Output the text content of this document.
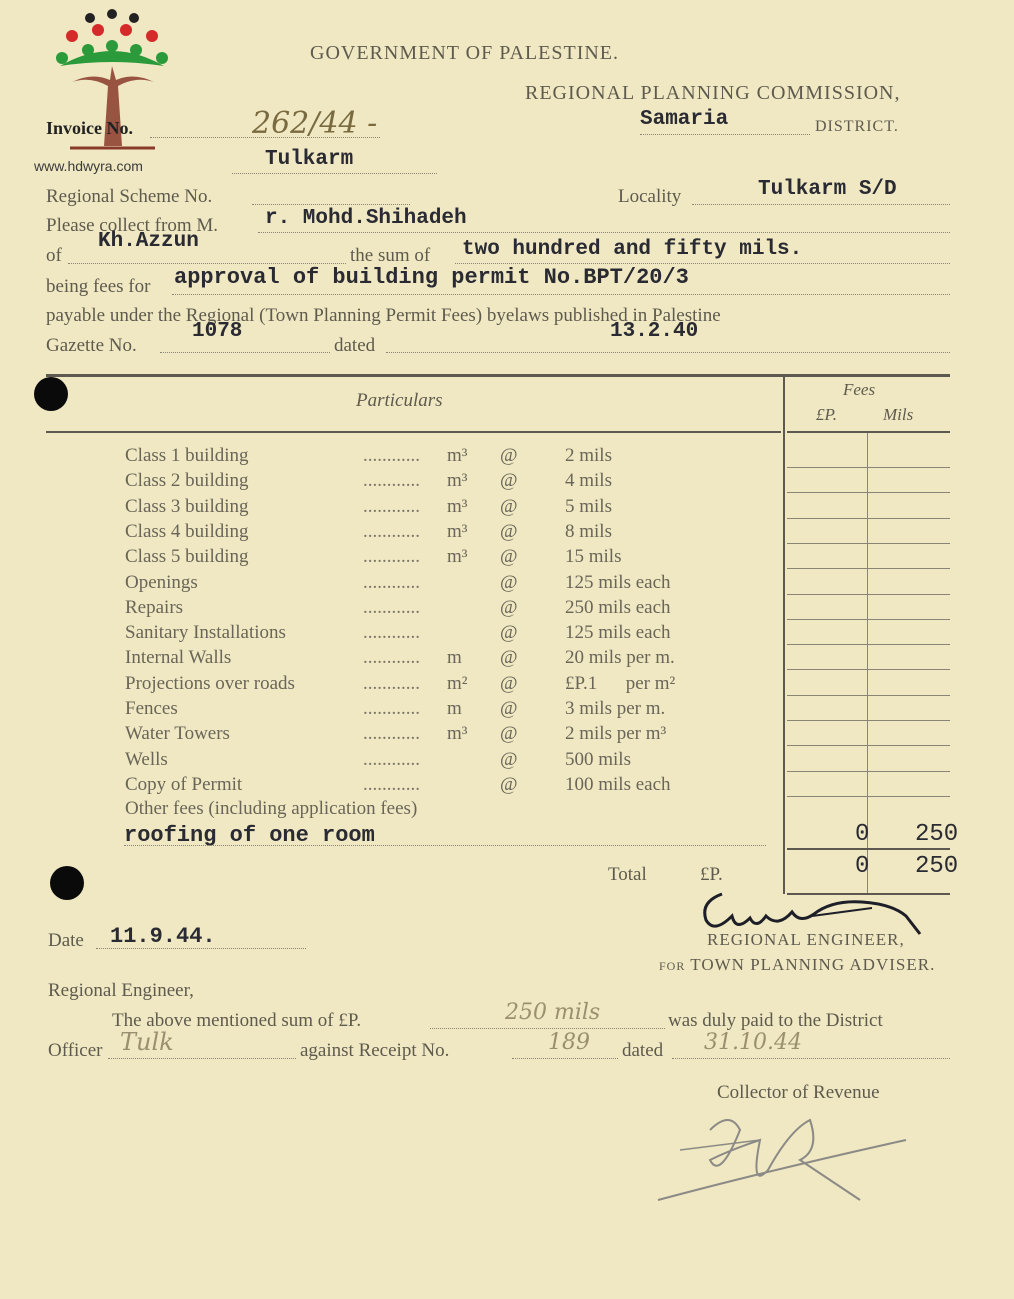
www.hdwyra.com
GOVERNMENT OF PALESTINE.
REGIONAL PLANNING COMMISSION,
Samaria	DISTRICT.
Invoice No.	262/44 -
Tulkarm
Regional Scheme No.	Locality	Tulkarm S/D
Please collect from M. r. Mohd.Shihadeh
of
Kh.Azzun
the sum of two hundred and fifty mils.
being fees for approval of building permit No.BPT/20/3
payable under the Regional (Town Planning Permit Fees) byelaws published in Palestine
Gazette No.
1078
dated
13.2.40
Particulars
Fees
£P.	Mils
Class 1 building	............ m³ @	2 mils
Class 2 building	............ m³ @	4 mils
Class 3 building	............ m³ @	5 mils
Class 4 building	............ m³ @	8 mils
Class 5 building	............ m³ @	15 mils
Openings	............	@	125 mils each
Repairs	............	@	250 mils each
Sanitary Installations	............	@	125 mils each
Internal Walls	............ m @	20 mils per m.
Projections over roads	............ m² @	£P.1      per m²
Fences	............ m @	3 mils per m.
Water Towers	............ m³ @	2 mils per m³
Wells	............	@	500 mils
Copy of Permit	............	@	100 mils each
Other fees (including application fees)
roofing of one room	0 250
Total	£P.	0 250
Date 11.9.44.	REGIONAL ENGINEER,
for TOWN PLANNING ADVISER.
Regional Engineer,
The above mentioned sum of £P.	250 mils	was duly paid to the District
Officer Tulk	against Receipt No.	189 dated 31.10.44
Collector of Revenue
